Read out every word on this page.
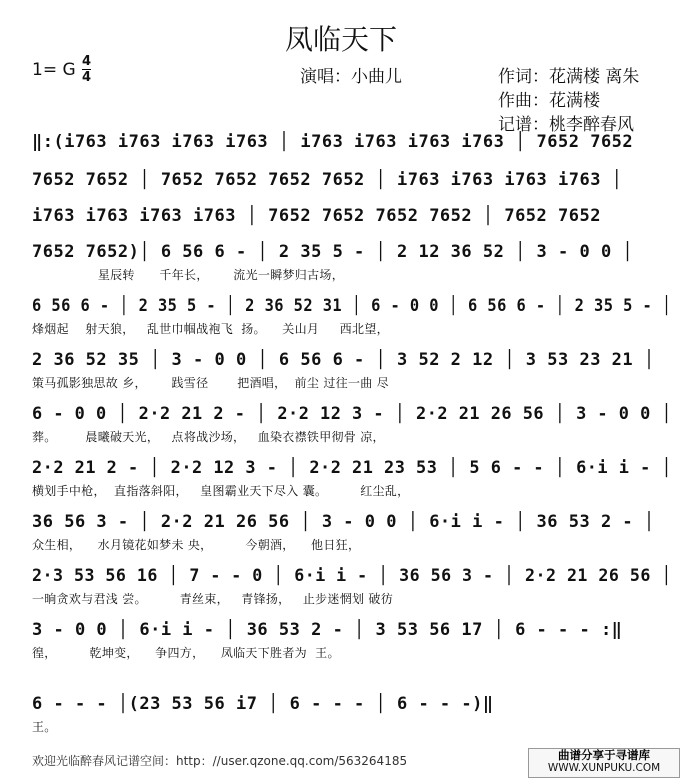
凤临天下
1= G 4
4	演唱：小曲儿	作词：花满楼 离朱
作曲：花满楼
记谱：桃李醉春风
‖:(i763 i763 i763 i763 │ i763 i763 i763 i763 │ 7652 7652
7652 7652 │ 7652 7652 7652 7652 │ i763 i763 i763 i763 │
i763 i763 i763 i763 │ 7652 7652 7652 7652 │ 7652 7652
7652 7652)│ 6 56 6 - │ 2 35 5 - │ 2 12 36 52 │ 3 - 0 0 │
星辰转      千年长，      流光一瞬梦归古场，
6 56 6 - │ 2 35 5 - │ 2 36 52 31 │ 6 - 0 0 │ 6 56 6 - │ 2 35 5 - │
烽烟起    射天狼，   乱世巾帼战袍飞  扬。    关山月     西北望，
2 36 52 35 │ 3 - 0 0 │ 6 56 6 - │ 3 52 2 12 │ 3 53 23 21 │
策马孤影独思故 乡，      践雪径       把酒唱，  前尘 过往一曲 尽
6 - 0 0 │ 2·2 21 2 - │ 2·2 12 3 - │ 2·2 21 26 56 │ 3 - 0 0 │
葬。       晨曦破天光，   点将战沙场，   血染衣襟铁甲彻骨 凉，
2·2 21 2 - │ 2·2 12 3 - │ 2·2 21 23 53 │ 5 6 - - │ 6·i i - │
横划手中枪，  直指落斜阳，   皇图霸业天下尽入 囊。        红尘乱，
36 56 3 - │ 2·2 21 26 56 │ 3 - 0 0 │ 6·i i - │ 36 53 2 - │
众生相，    水月镜花如梦未 央，        今朝酒，    他日狂，
2·3 53 56 16 │ 7 - - 0 │ 6·i i - │ 36 56 3 - │ 2·2 21 26 56 │
一晌贪欢与君浅 尝。        青丝束，   青锋扬，   止步迷惘划 破彷
3 - 0 0 │ 6·i i - │ 36 53 2 - │ 3 53 56 17 │ 6 - - - :‖
徨，        乾坤变，    争四方，    凤临天下胜者为  王。
6 - - - │(23 53 56 i7 │ 6 - - - │ 6 - - -)‖
王。
欢迎光临醉春风记谱空间：http：//user.qzone.qq.com/563264185	曲谱分享于寻谱库
WWW.XUNPUKU.COM
